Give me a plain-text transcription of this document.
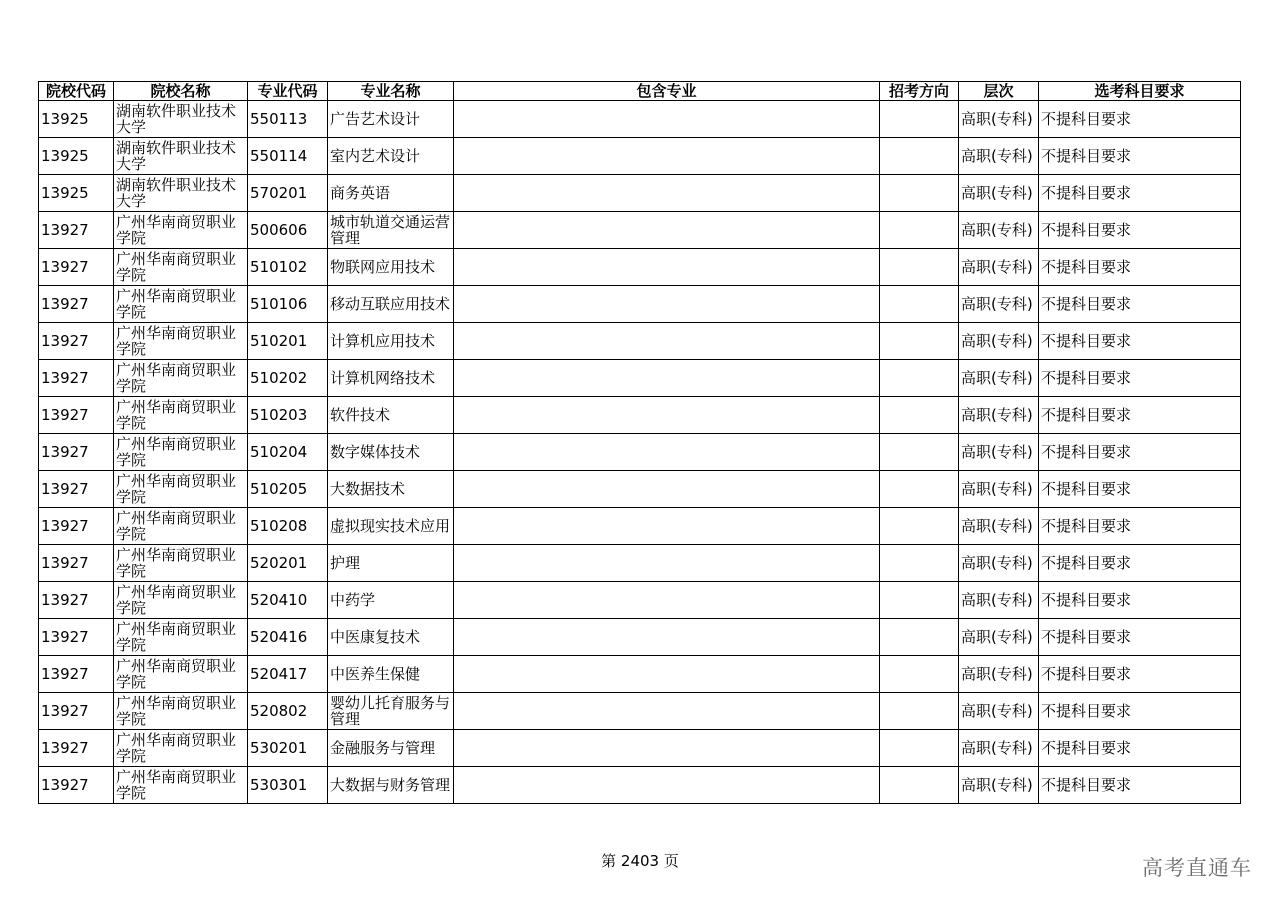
院校代码	院校名称	专业代码	专业名称	包含专业	招考方向	层次	选考科目要求
13925	湖南软件职业技术大学	550113	广告艺术设计			高职(专科)	不提科目要求
13925	湖南软件职业技术大学	550114	室内艺术设计			高职(专科)	不提科目要求
13925	湖南软件职业技术大学	570201	商务英语			高职(专科)	不提科目要求
13927	广州华南商贸职业学院	500606	城市轨道交通运营管理			高职(专科)	不提科目要求
13927	广州华南商贸职业学院	510102	物联网应用技术			高职(专科)	不提科目要求
13927	广州华南商贸职业学院	510106	移动互联应用技术			高职(专科)	不提科目要求
13927	广州华南商贸职业学院	510201	计算机应用技术			高职(专科)	不提科目要求
13927	广州华南商贸职业学院	510202	计算机网络技术			高职(专科)	不提科目要求
13927	广州华南商贸职业学院	510203	软件技术			高职(专科)	不提科目要求
13927	广州华南商贸职业学院	510204	数字媒体技术			高职(专科)	不提科目要求
13927	广州华南商贸职业学院	510205	大数据技术			高职(专科)	不提科目要求
13927	广州华南商贸职业学院	510208	虚拟现实技术应用			高职(专科)	不提科目要求
13927	广州华南商贸职业学院	520201	护理			高职(专科)	不提科目要求
13927	广州华南商贸职业学院	520410	中药学			高职(专科)	不提科目要求
13927	广州华南商贸职业学院	520416	中医康复技术			高职(专科)	不提科目要求
13927	广州华南商贸职业学院	520417	中医养生保健			高职(专科)	不提科目要求
13927	广州华南商贸职业学院	520802	婴幼儿托育服务与管理			高职(专科)	不提科目要求
13927	广州华南商贸职业学院	530201	金融服务与管理			高职(专科)	不提科目要求
13927	广州华南商贸职业学院	530301	大数据与财务管理			高职(专科)	不提科目要求
第 2403 页	高考直通车
